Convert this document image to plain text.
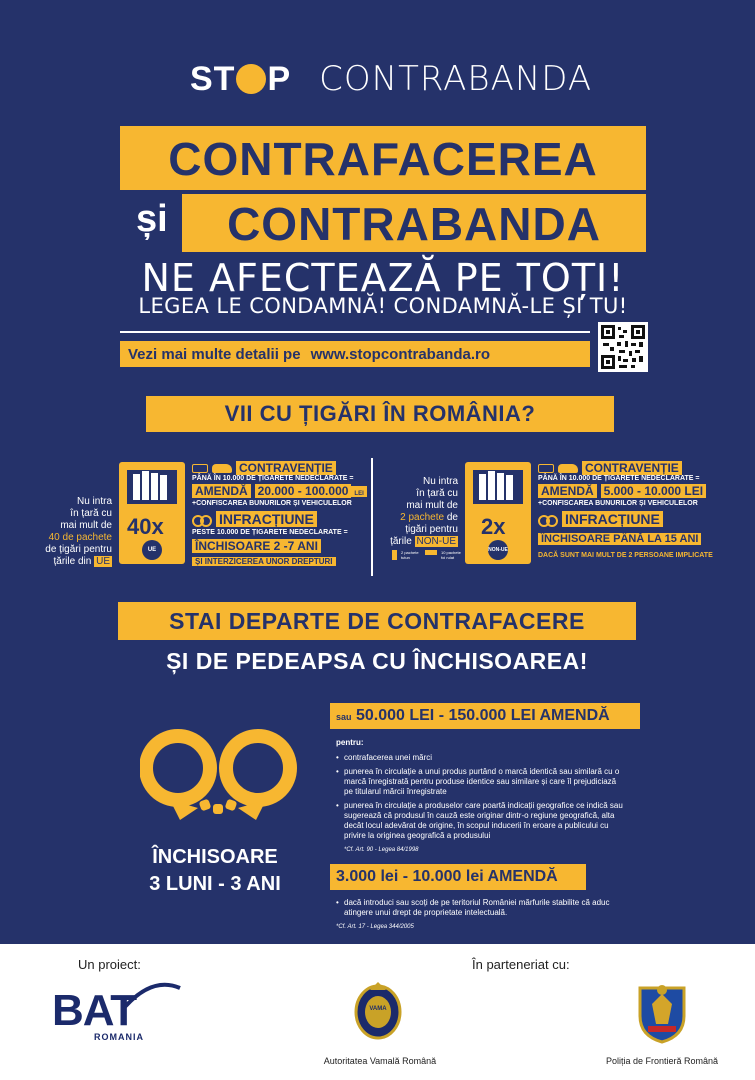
ST P CONTRABANDA
CONTRAFACEREA
și	CONTRABANDA
NE AFECTEAZĂ PE TOȚI!
LEGEA LE CONDAMNĂ! CONDAMNĂ-LE ȘI TU!
Vezi mai multe detalii pe www.stopcontrabanda.ro
VII CU ȚIGĂRI ÎN ROMÂNIA?
Nu intra
în țară cu
mai mult de
40 de pachete
de țigări pentru
țările din UE
40x
UE
CONTRAVENȚIE
PÂNĂ ÎN 10.000 DE ȚIGARETE NEDECLARATE =
AMENDĂ 20.000 - 100.000	LEI
+CONFISCAREA BUNURILOR ȘI VEHICULELOR
INFRACȚIUNE
PESTE 10.000 DE ȚIGARETE NEDECLARATE =
ÎNCHISOARE 2 -7 ANI
ȘI INTERZICEREA UNOR DREPTURI
Nu intra
în țară cu
mai mult de
2 pachete de
țigări pentru
țările NON-UE
2 pachete tutun
10 pachete foi rulat
2x
NON-UE
CONTRAVENȚIE
PÂNĂ ÎN 10.000 DE ȚIGARETE NEDECLARATE =
AMENDĂ 5.000 - 10.000 LEI
+CONFISCAREA BUNURILOR ȘI VEHICULELOR
INFRACȚIUNE
ÎNCHISOARE PÂNĂ LA 15 ANI
DACĂ SUNT MAI MULT DE 2 PERSOANE IMPLICATE
STAI DEPARTE DE CONTRAFACERE
ȘI DE PEDEAPSA CU ÎNCHISOAREA!
ÎNCHISOARE
3 LUNI - 3 ANI
sau 50.000 LEI - 150.000 LEI AMENDĂ
pentru:
• contrafacerea unei mărci
• punerea în circulație a unui produs purtând o marcă identică sau similară cu o marcă înregistrată pentru produse identice sau similare și care îl prejudiciază pe titularul mărcii înregistrate
• punerea în circulație a produselor care poartă indicații geografice ce indică sau sugerează că produsul în cauză este originar dintr-o regiune geografică, alta decât locul adevărat de origine, în scopul inducerii în eroare a publicului cu privire la originea geografică a produsului
*Cf. Art. 90 - Legea 84/1998
3.000 lei - 10.000 lei AMENDĂ
• dacă introduci sau scoți de pe teritoriul României mărfurile stabilite că aduc atingere unui drept de proprietate intelectuală.
*Cf. Art. 17 - Legea 344/2005
Un proiect:
BAT
ROMANIA
În parteneriat cu:
VAMA
Autoritatea Vamală Română	Poliția de Frontieră Română
